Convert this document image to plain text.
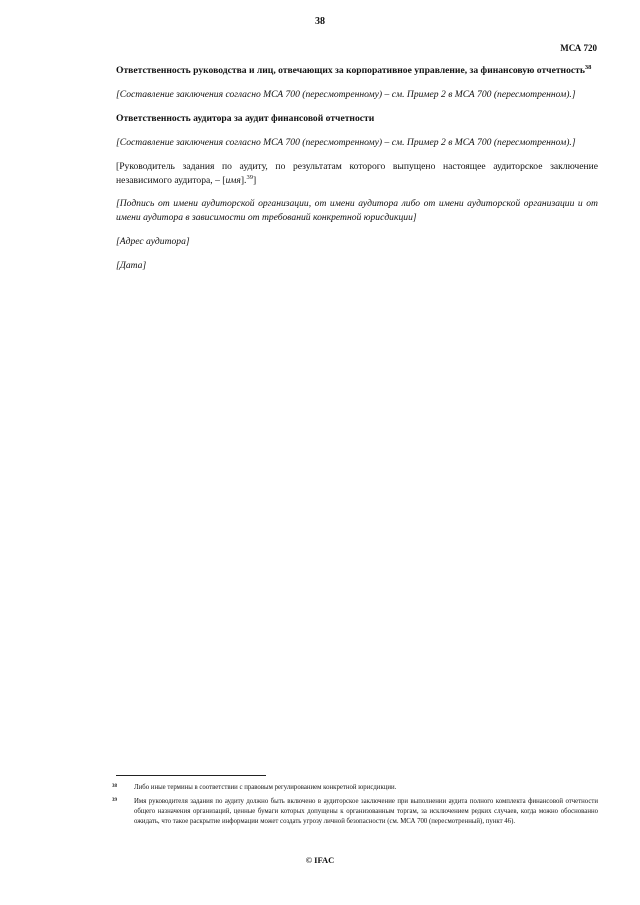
38
МСА 720
Ответственность руководства и лиц, отвечающих за корпоративное управление, за финансовую отчетность$^{38}$

[Составление заключения согласно МСА 700 (пересмотренному) – см. Пример 2 в МСА 700 (пересмотренном).]

Ответственность аудитора за аудит финансовой отчетности

[Составление заключения согласно МСА 700 (пересмотренному) – см. Пример 2 в МСА 700 (пересмотренном).]

[Руководитель задания по аудиту, по результатам которого выпущено настоящее аудиторское заключение независимого аудитора, – [имя].$^{39}$]

[Подпись от имени аудиторской организации, от имени аудитора либо от имени аудиторской организации и от имени аудитора в зависимости от требований конкретной юрисдикции]

[Адрес аудитора]

[Дата]

38	Либо иные термины в соответствии с правовым регулированием конкретной юрисдикции.
39	Имя руководителя задания по аудиту должно быть включено в аудиторское заключение при выполнении аудита полного комплекта финансовой отчетности общего назначения организаций, ценные бумаги которых допущены к организованным торгам, за исключением редких случаев, когда можно обоснованно ожидать, что такое раскрытие информации может создать угрозу личной безопасности (см. МСА 700 (пересмотренный), пункт 46).
© IFAC
